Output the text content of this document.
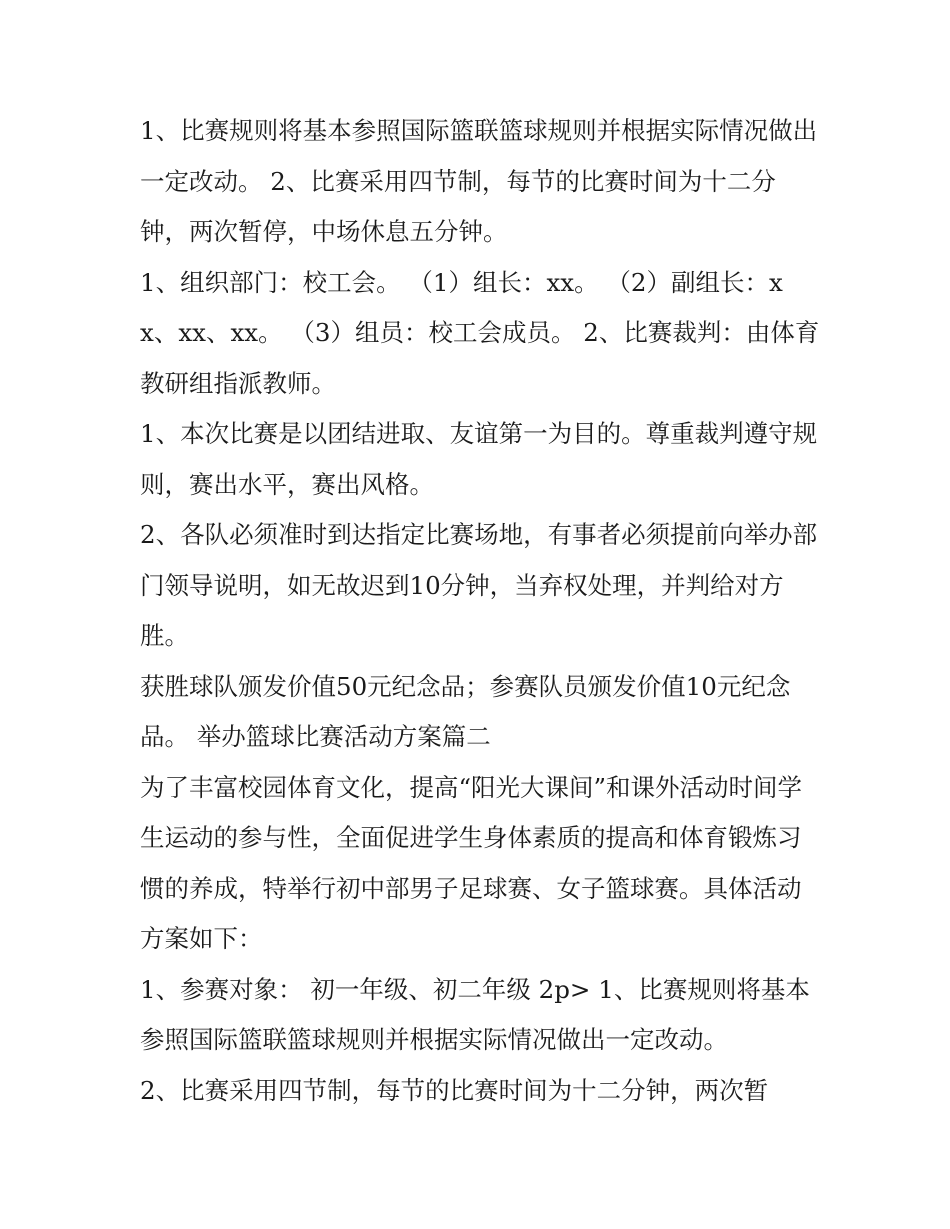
1、比赛规则将基本参照国际篮联篮球规则并根据实际情况做出一定改动。 2、比赛采用四节制，每节的比赛时间为十二分钟，两次暂停，中场休息五分钟。

1、组织部门：校工会。 （1）组长：xx。 （2）副组长：xx、xx、xx。 （3）组员：校工会成员。 2、比赛裁判：由体育教研组指派教师。

1、本次比赛是以团结进取、友谊第一为目的。尊重裁判遵守规则，赛出水平，赛出风格。

2、各队必须准时到达指定比赛场地，有事者必须提前向举办部门领导说明，如无故迟到10分钟，当弃权处理，并判给对方胜。

获胜球队颁发价值50元纪念品；参赛队员颁发价值10元纪念品。 举办篮球比赛活动方案篇二

为了丰富校园体育文化，提高“阳光大课间”和课外活动时间学生运动的参与性，全面促进学生身体素质的提高和体育锻炼习惯的养成，特举行初中部男子足球赛、女子篮球赛。具体活动方案如下：

1、参赛对象： 初一年级、初二年级 2p> 1、比赛规则将基本参照国际篮联篮球规则并根据实际情况做出一定改动。

2、比赛采用四节制，每节的比赛时间为十二分钟，两次暂
